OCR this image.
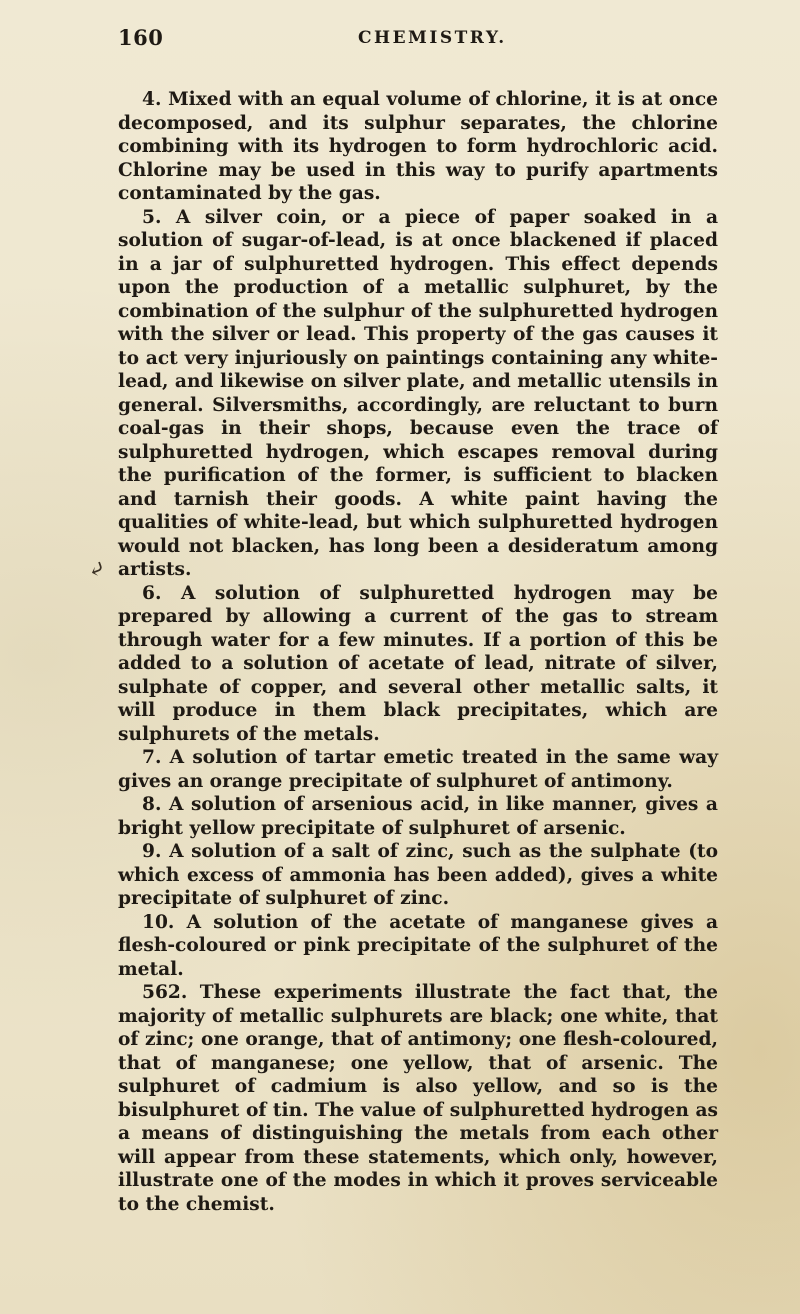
160	CHEMISTRY.
⤶

4. Mixed with an equal volume of chlorine, it is at once decomposed, and its sulphur separates, the chlorine combining with its hydrogen to form hydrochloric acid. Chlorine may be used in this way to purify apartments contaminated by the gas.

5. A silver coin, or a piece of paper soaked in a solution of sugar-of-lead, is at once blackened if placed in a jar of sulphuretted hydrogen. This effect depends upon the production of a metallic sulphuret, by the combination of the sulphur of the sulphuretted hydrogen with the silver or lead. This property of the gas causes it to act very injuriously on paintings containing any white-lead, and likewise on silver plate, and metallic utensils in general. Silversmiths, accordingly, are reluctant to burn coal-gas in their shops, because even the trace of sulphuretted hydrogen, which escapes removal during the purification of the former, is sufficient to blacken and tarnish their goods. A white paint having the qualities of white-lead, but which sulphuretted hydrogen would not blacken, has long been a desideratum among artists.

6. A solution of sulphuretted hydrogen may be prepared by allowing a current of the gas to stream through water for a few minutes. If a portion of this be added to a solution of acetate of lead, nitrate of silver, sulphate of copper, and several other metallic salts, it will produce in them black precipitates, which are sulphurets of the metals.

7. A solution of tartar emetic treated in the same way gives an orange precipitate of sulphuret of antimony.

8. A solution of arsenious acid, in like manner, gives a bright yellow precipitate of sulphuret of arsenic.

9. A solution of a salt of zinc, such as the sulphate (to which excess of ammonia has been added), gives a white precipitate of sulphuret of zinc.

10. A solution of the acetate of manganese gives a flesh-coloured or pink precipitate of the sulphuret of the metal.

562. These experiments illustrate the fact that, the majority of metallic sulphurets are black; one white, that of zinc; one orange, that of antimony; one flesh-coloured, that of manganese; one yellow, that of arsenic. The sulphuret of cadmium is also yellow, and so is the bisulphuret of tin. The value of sulphuretted hydrogen as a means of distinguishing the metals from each other will appear from these statements, which only, however, illustrate one of the modes in which it proves serviceable to the chemist.
